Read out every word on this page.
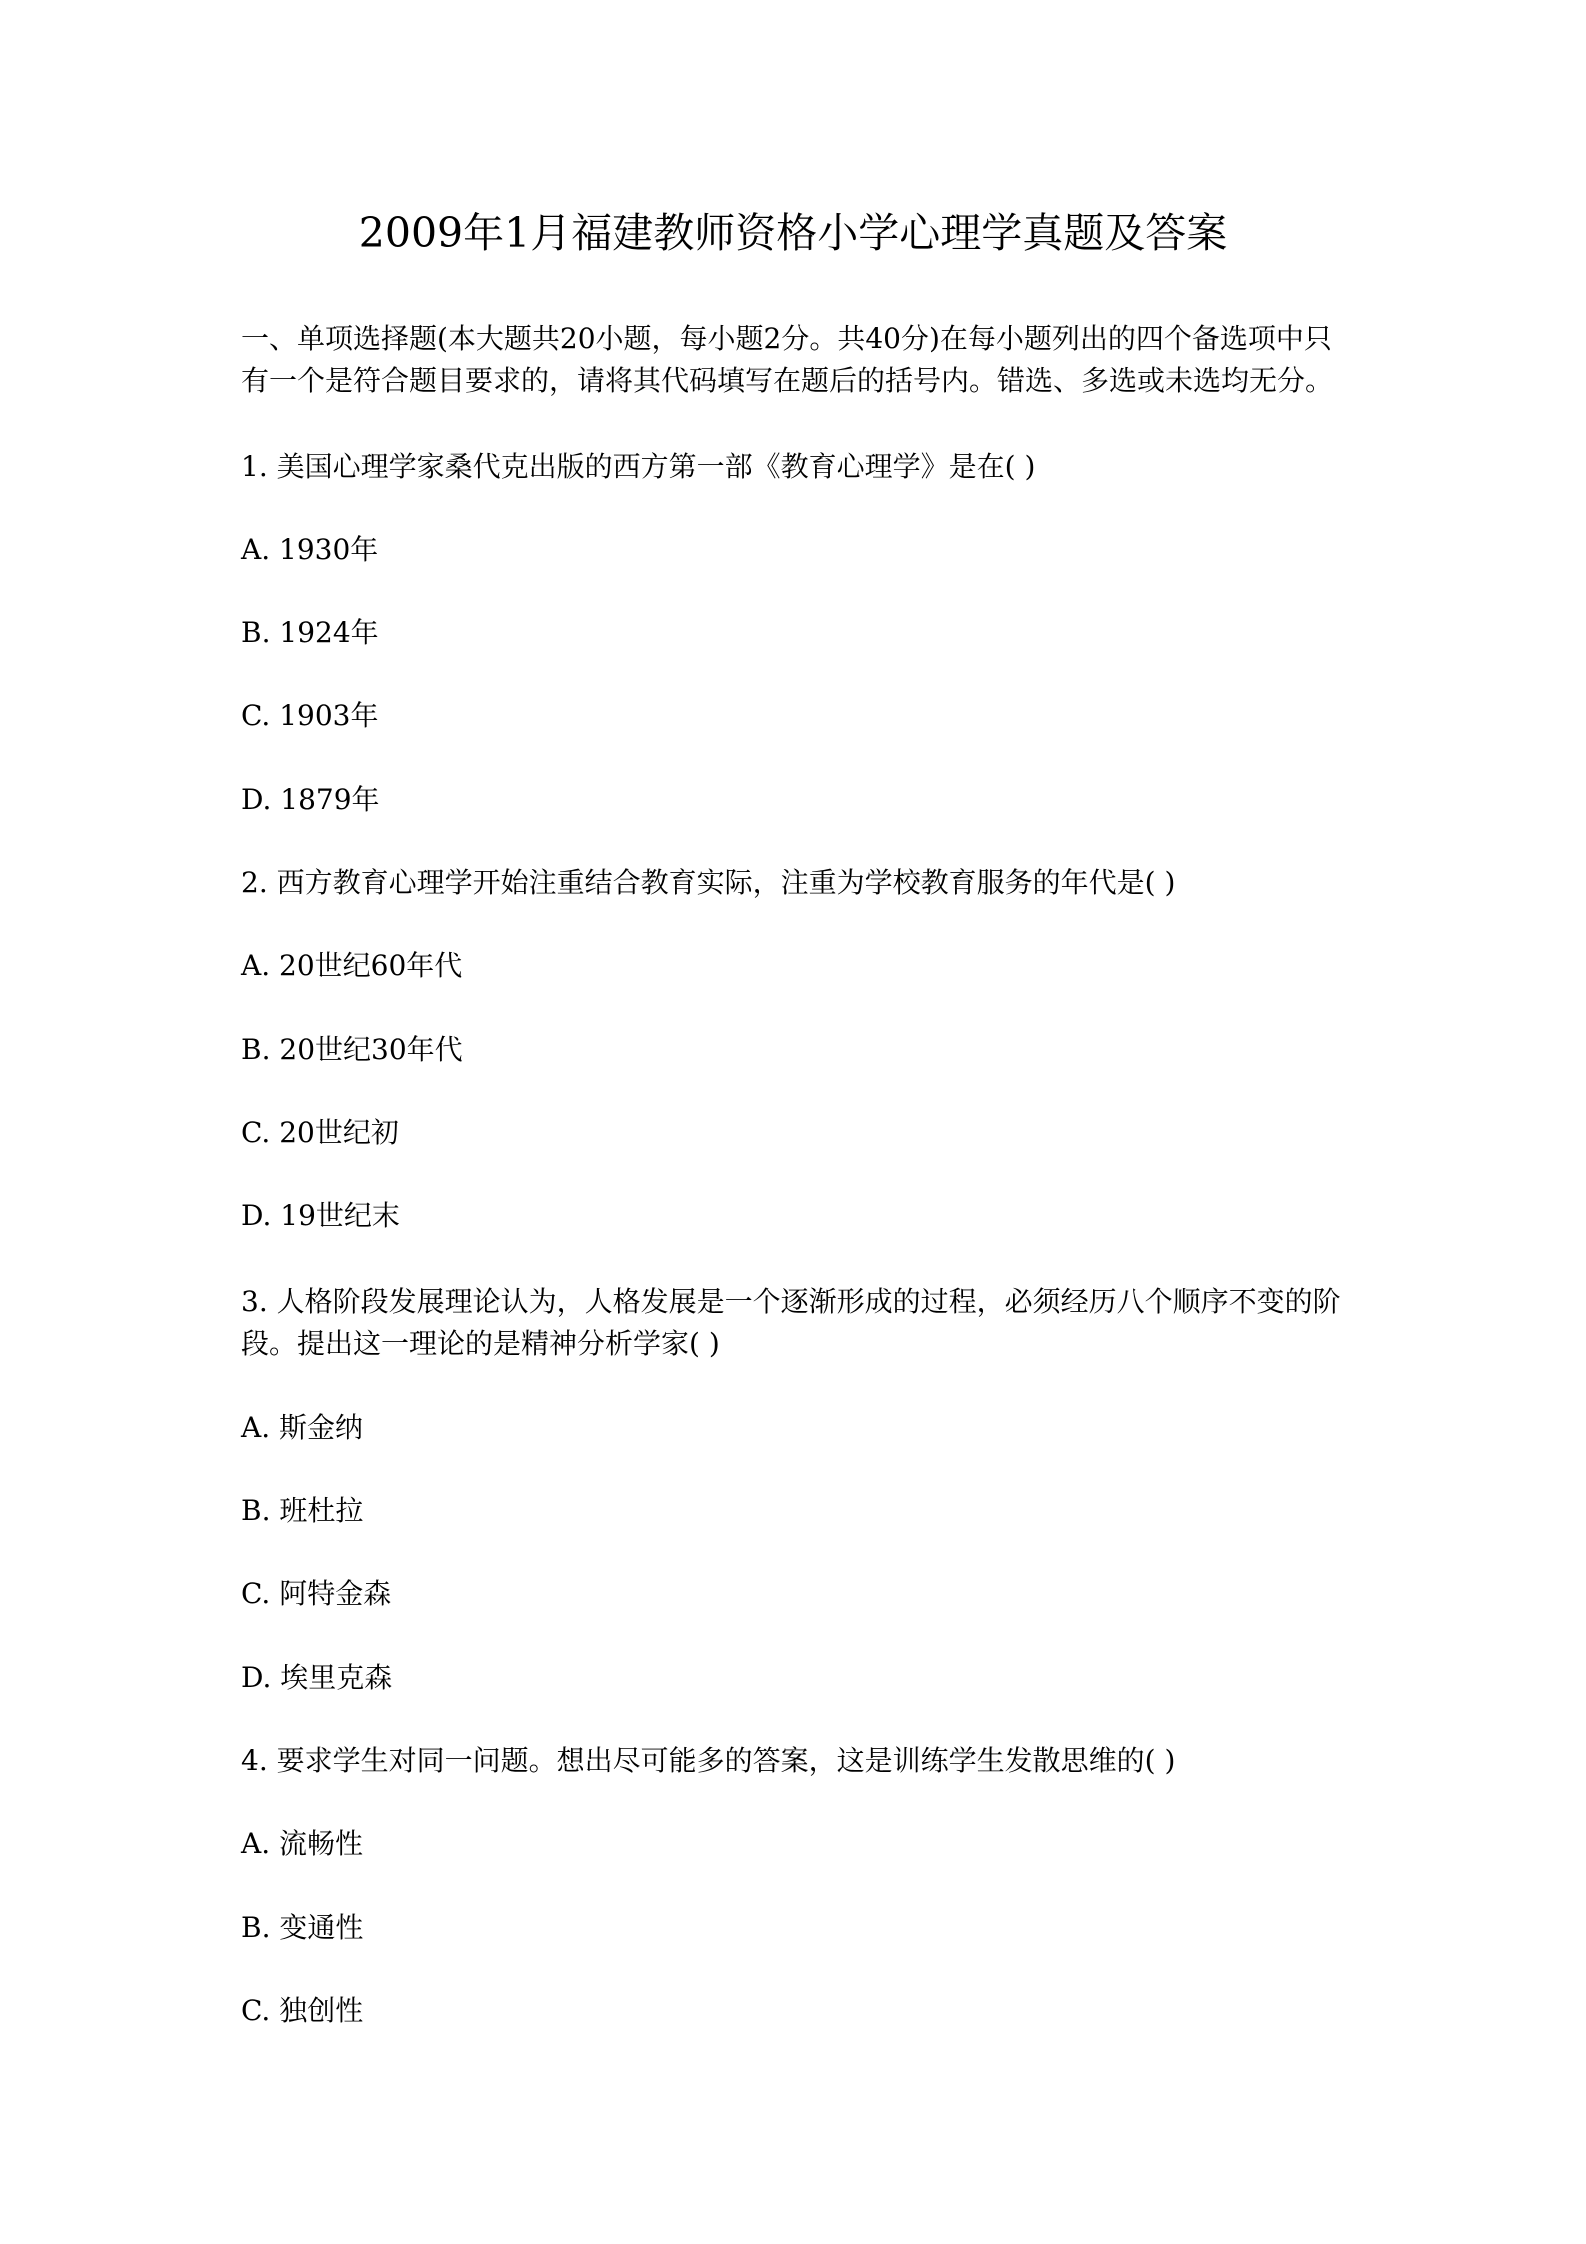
2009年1月福建教师资格小学心理学真题及答案
一、单项选择题(本大题共20小题，每小题2分。共40分)在每小题列出的四个备选项中只
有一个是符合题目要求的，请将其代码填写在题后的括号内。错选、多选或未选均无分。
1. 美国心理学家桑代克出版的西方第一部《教育心理学》是在( )
A. 1930年
B. 1924年
C. 1903年
D. 1879年
2. 西方教育心理学开始注重结合教育实际，注重为学校教育服务的年代是( )
A. 20世纪60年代
B. 20世纪30年代
C. 20世纪初
D. 19世纪末
3. 人格阶段发展理论认为，人格发展是一个逐渐形成的过程，必须经历八个顺序不变的阶
段。提出这一理论的是精神分析学家( )
A. 斯金纳
B. 班杜拉
C. 阿特金森
D. 埃里克森
4. 要求学生对同一问题。想出尽可能多的答案，这是训练学生发散思维的( )
A. 流畅性
B. 变通性
C. 独创性
